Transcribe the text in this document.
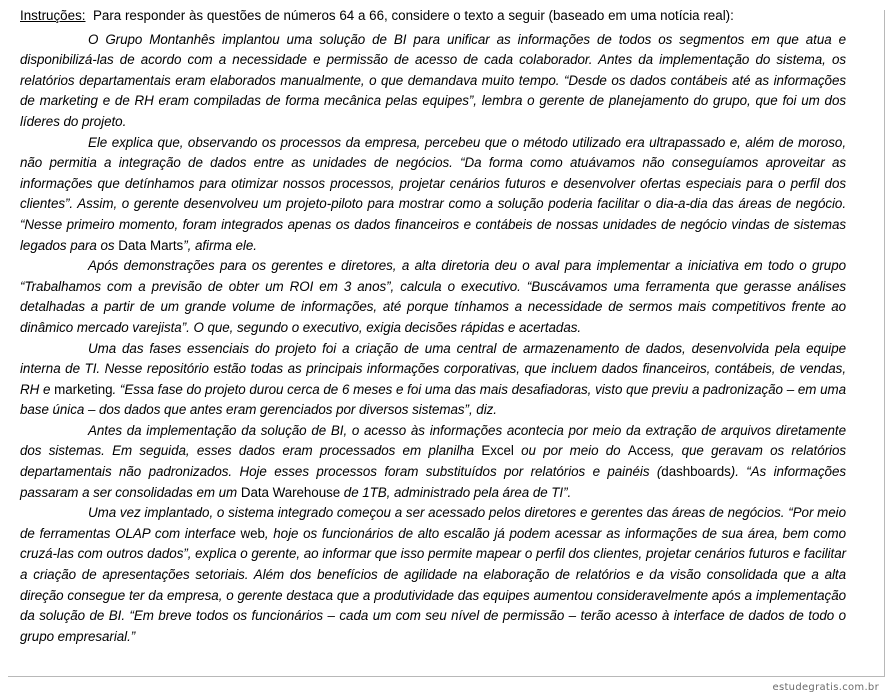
Instruções: Para responder às questões de números 64 a 66, considere o texto a seguir (baseado em uma notícia real):

O Grupo Montanhês implantou uma solução de BI para unificar as informações de todos os segmentos em que atua e disponibilizá-las de acordo com a necessidade e permissão de acesso de cada colaborador. Antes da implementação do sistema, os relatórios departamentais eram elaborados manualmente, o que demandava muito tempo. “Desde os dados contábeis até as informações de marketing e de RH eram compiladas de forma mecânica pelas equipes”, lembra o gerente de planejamento do grupo, que foi um dos líderes do projeto.

Ele explica que, observando os processos da empresa, percebeu que o método utilizado era ultrapassado e, além de moroso, não permitia a integração de dados entre as unidades de negócios. “Da forma como atuávamos não conseguíamos aproveitar as informações que detínhamos para otimizar nossos processos, projetar cenários futuros e desenvolver ofertas especiais para o perfil dos clientes”. Assim, o gerente desenvolveu um projeto-piloto para mostrar como a solução poderia facilitar o dia-a-dia das áreas de negócio. “Nesse primeiro momento, foram integrados apenas os dados financeiros e contábeis de nossas unidades de negócio vindas de sistemas legados para os Data Marts”, afirma ele.

Após demonstrações para os gerentes e diretores, a alta diretoria deu o aval para implementar a iniciativa em todo o grupo “Trabalhamos com a previsão de obter um ROI em 3 anos”, calcula o executivo. “Buscávamos uma ferramenta que gerasse análises detalhadas a partir de um grande volume de informações, até porque tínhamos a necessidade de sermos mais competitivos frente ao dinâmico mercado varejista”. O que, segundo o executivo, exigia decisões rápidas e acertadas.

Uma das fases essenciais do projeto foi a criação de uma central de armazenamento de dados, desenvolvida pela equipe interna de TI. Nesse repositório estão todas as principais informações corporativas, que incluem dados financeiros, contábeis, de vendas, RH e marketing. “Essa fase do projeto durou cerca de 6 meses e foi uma das mais desafiadoras, visto que previu a padronização – em uma base única – dos dados que antes eram gerenciados por diversos sistemas”, diz.

Antes da implementação da solução de BI, o acesso às informações acontecia por meio da extração de arquivos diretamente dos sistemas. Em seguida, esses dados eram processados em planilha Excel ou por meio do Access, que geravam os relatórios departamentais não padronizados. Hoje esses processos foram substituídos por relatórios e painéis (dashboards). “As informações passaram a ser consolidadas em um Data Warehouse de 1TB, administrado pela área de TI”.

Uma vez implantado, o sistema integrado começou a ser acessado pelos diretores e gerentes das áreas de negócios. “Por meio de ferramentas OLAP com interface web, hoje os funcionários de alto escalão já podem acessar as informações de sua área, bem como cruzá-las com outros dados”, explica o gerente, ao informar que isso permite mapear o perfil dos clientes, projetar cenários futuros e facilitar a criação de apresentações setoriais. Além dos benefícios de agilidade na elaboração de relatórios e da visão consolidada que a alta direção consegue ter da empresa, o gerente destaca que a produtividade das equipes aumentou consideravelmente após a implementação da solução de BI. “Em breve todos os funcionários – cada um com seu nível de permissão – terão acesso à interface de dados de todo o grupo empresarial.”

estudegratis.com.br
